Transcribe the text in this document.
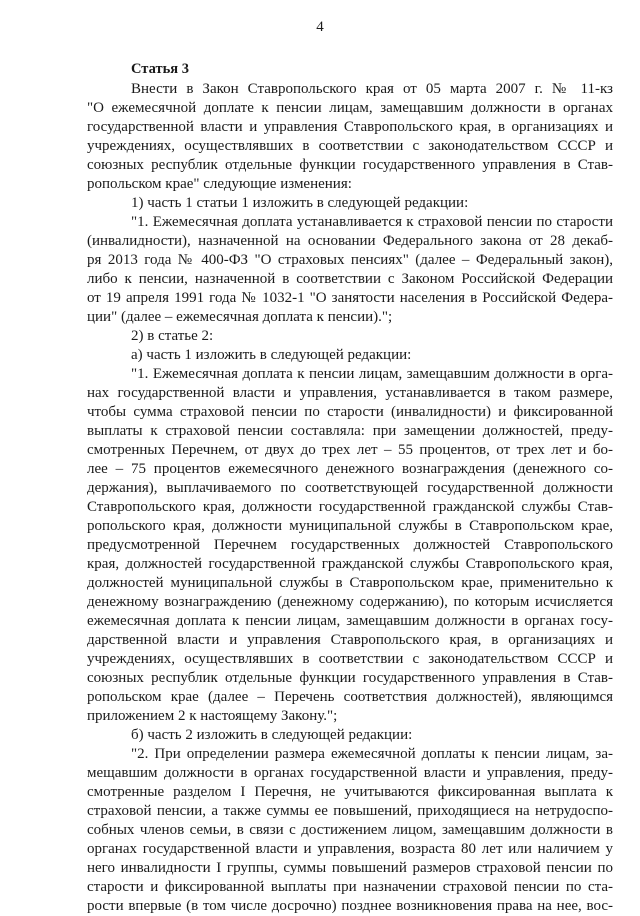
4
Статья 3
Внести в Закон Ставропольского края от 05 марта 2007 г. № 11-кз
"О ежемесячной доплате к пенсии лицам, замещавшим должности в органах
государственной власти и управления Ставропольского края, в организациях и
учреждениях, осуществлявших в соответствии с законодательством СССР и
союзных республик отдельные функции государственного управления в Став-
ропольском крае" следующие изменения:
1) часть 1 статьи 1 изложить в следующей редакции:
"1. Ежемесячная доплата устанавливается к страховой пенсии по старости
(инвалидности), назначенной на основании Федерального закона от 28 декаб-
ря 2013 года № 400-ФЗ "О страховых пенсиях" (далее – Федеральный закон),
либо к пенсии, назначенной в соответствии с Законом Российской Федерации
от 19 апреля 1991 года № 1032-1 "О занятости населения в Российской Федера-
ции" (далее – ежемесячная доплата к пенсии).";
2) в статье 2:
а) часть 1 изложить в следующей редакции:
"1. Ежемесячная доплата к пенсии лицам, замещавшим должности в орга-
нах государственной власти и управления, устанавливается в таком размере,
чтобы сумма страховой пенсии по старости (инвалидности) и фиксированной
выплаты к страховой пенсии составляла: при замещении должностей, преду-
смотренных Перечнем, от двух до трех лет – 55 процентов, от трех лет и бо-
лее – 75 процентов ежемесячного денежного вознаграждения (денежного со-
держания), выплачиваемого по соответствующей государственной должности
Ставропольского края, должности государственной гражданской службы Став-
ропольского края, должности муниципальной службы в Ставропольском крае,
предусмотренной Перечнем государственных должностей Ставропольского
края, должностей государственной гражданской службы Ставропольского края,
должностей муниципальной службы в Ставропольском крае, применительно к
денежному вознаграждению (денежному содержанию), по которым исчисляется
ежемесячная доплата к пенсии лицам, замещавшим должности в органах госу-
дарственной власти и управления Ставропольского края, в организациях и
учреждениях, осуществлявших в соответствии с законодательством СССР и
союзных республик отдельные функции государственного управления в Став-
ропольском крае (далее – Перечень соответствия должностей), являющимся
приложением 2 к настоящему Закону.";
б) часть 2 изложить в следующей редакции:
"2. При определении размера ежемесячной доплаты к пенсии лицам, за-
мещавшим должности в органах государственной власти и управления, преду-
смотренные разделом I Перечня, не учитываются фиксированная выплата к
страховой пенсии, а также суммы ее повышений, приходящиеся на нетрудоспо-
собных членов семьи, в связи с достижением лицом, замещавшим должности в
органах государственной власти и управления, возраста 80 лет или наличием у
него инвалидности I группы, суммы повышений размеров страховой пенсии по
старости и фиксированной выплаты при назначении страховой пенсии по ста-
рости впервые (в том числе досрочно) позднее возникновения права на нее, вос-
